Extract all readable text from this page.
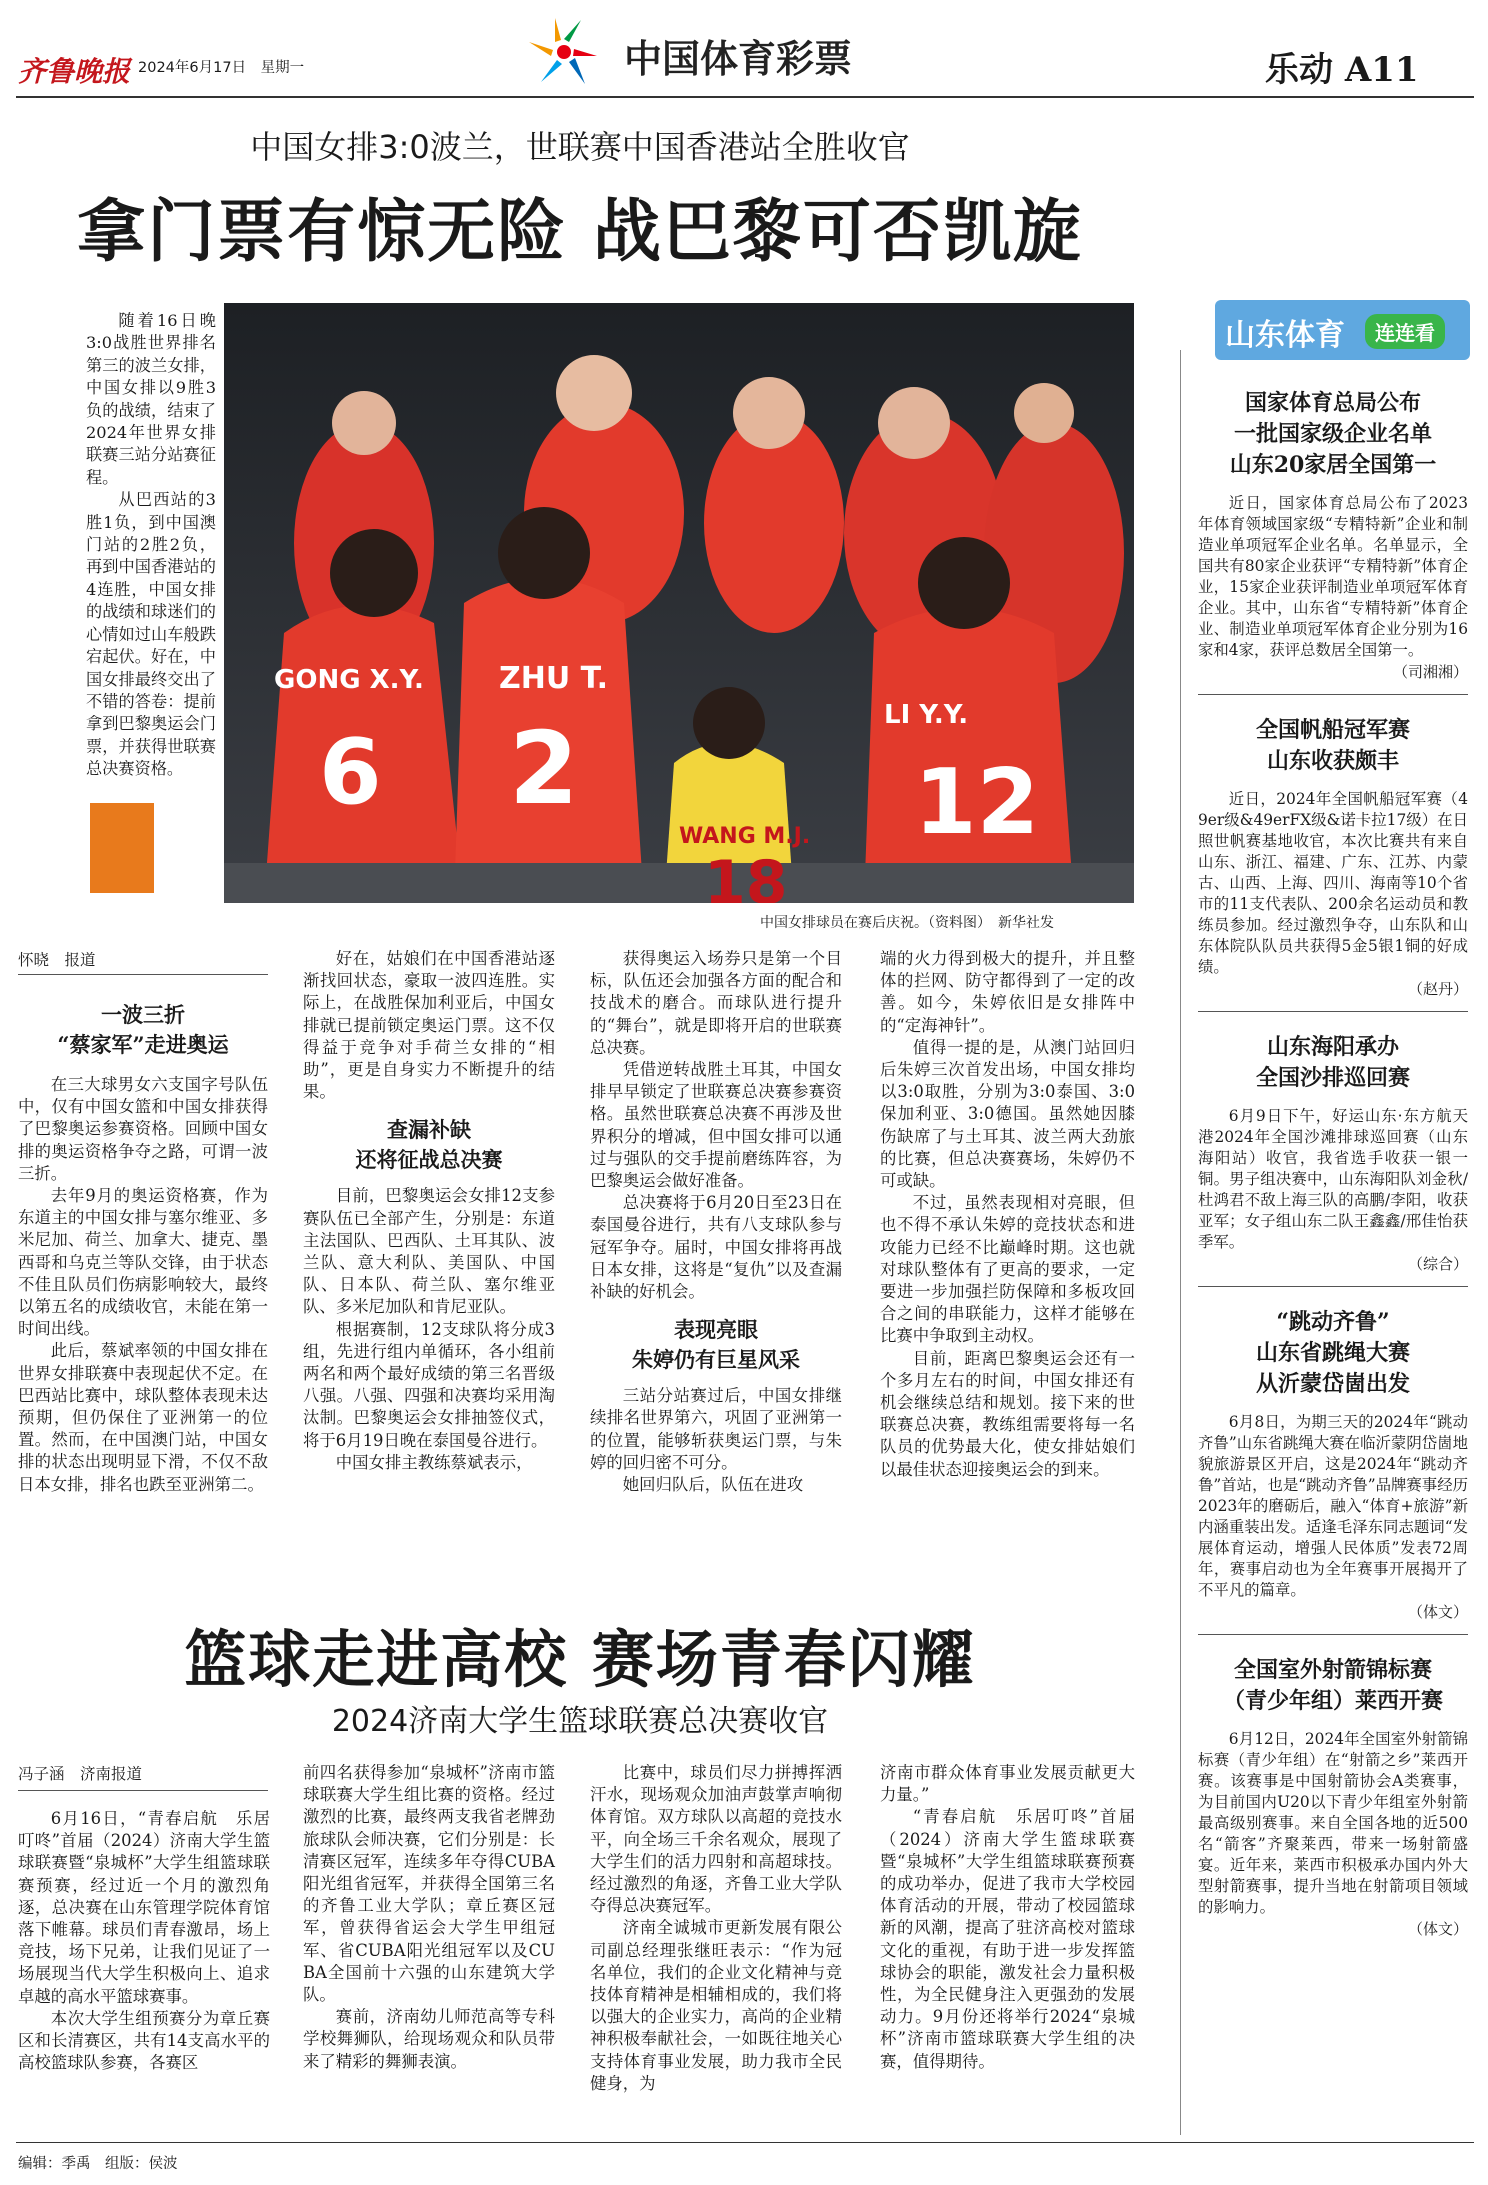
齐鲁晚报 2024年6月17日　星期一	中国体育彩票	乐动 A11
中国女排3:0波兰，世联赛中国香港站全胜收官
拿门票有惊无险 战巴黎可否凯旋

随着16日晚3:0战胜世界排名第三的波兰女排，中国女排以9胜3负的战绩，结束了2024年世界女排联赛三站分站赛征程。

从巴西站的3胜1负，到中国澳门站的2胜2负，再到中国香港站的4连胜，中国女排的战绩和球迷们的心情如过山车般跌宕起伏。好在，中国女排最终交出了不错的答卷：提前拿到巴黎奥运会门票，并获得世联赛总决赛资格。

GONG X.Y.
6
ZHU T.
2	LI Y.Y.
12
WANG M.J.
18
中国女排球员在赛后庆祝。（资料图）　新华社发
怀晓　报道
一波三折
“蔡家军”走进奥运

在三大球男女六支国字号队伍中，仅有中国女篮和中国女排获得了巴黎奥运参赛资格。回顾中国女排的奥运资格争夺之路，可谓一波三折。

去年9月的奥运资格赛，作为东道主的中国女排与塞尔维亚、多米尼加、荷兰、加拿大、捷克、墨西哥和乌克兰等队交锋，由于状态不佳且队员们伤病影响较大，最终以第五名的成绩收官，未能在第一时间出线。

此后，蔡斌率领的中国女排在世界女排联赛中表现起伏不定。在巴西站比赛中，球队整体表现未达预期，但仍保住了亚洲第一的位置。然而，在中国澳门站，中国女排的状态出现明显下滑，不仅不敌日本女排，排名也跌至亚洲第二。

好在，姑娘们在中国香港站逐渐找回状态，豪取一波四连胜。实际上，在战胜保加利亚后，中国女排就已提前锁定奥运门票。这不仅得益于竞争对手荷兰女排的“相助”，更是自身实力不断提升的结果。

查漏补缺
还将征战总决赛

目前，巴黎奥运会女排12支参赛队伍已全部产生，分别是：东道主法国队、巴西队、土耳其队、波兰队、意大利队、美国队、中国队、日本队、荷兰队、塞尔维亚队、多米尼加队和肯尼亚队。

根据赛制，12支球队将分成3组，先进行组内单循环，各小组前两名和两个最好成绩的第三名晋级八强。八强、四强和决赛均采用淘汰制。巴黎奥运会女排抽签仪式，将于6月19日晚在泰国曼谷进行。

中国女排主教练蔡斌表示，

获得奥运入场券只是第一个目标，队伍还会加强各方面的配合和技战术的磨合。而球队进行提升的“舞台”，就是即将开启的世联赛总决赛。

凭借逆转战胜土耳其，中国女排早早锁定了世联赛总决赛参赛资格。虽然世联赛总决赛不再涉及世界积分的增减，但中国女排可以通过与强队的交手提前磨练阵容，为巴黎奥运会做好准备。

总决赛将于6月20日至23日在泰国曼谷进行，共有八支球队参与冠军争夺。届时，中国女排将再战日本女排，这将是“复仇”以及查漏补缺的好机会。

表现亮眼
朱婷仍有巨星风采

三站分站赛过后，中国女排继续排名世界第六，巩固了亚洲第一的位置，能够斩获奥运门票，与朱婷的回归密不可分。

她回归队后，队伍在进攻

端的火力得到极大的提升，并且整体的拦网、防守都得到了一定的改善。如今，朱婷依旧是女排阵中的“定海神针”。

值得一提的是，从澳门站回归后朱婷三次首发出场，中国女排均以3:0取胜，分别为3:0泰国、3:0保加利亚、3:0德国。虽然她因膝伤缺席了与土耳其、波兰两大劲旅的比赛，但总决赛赛场，朱婷仍不可或缺。

不过，虽然表现相对亮眼，但也不得不承认朱婷的竞技状态和进攻能力已经不比巅峰时期。这也就对球队整体有了更高的要求，一定要进一步加强拦防保障和多板攻回合之间的串联能力，这样才能够在比赛中争取到主动权。

目前，距离巴黎奥运会还有一个多月左右的时间，中国女排还有机会继续总结和规划。接下来的世联赛总决赛，教练组需要将每一名队员的优势最大化，使女排姑娘们以最佳状态迎接奥运会的到来。

篮球走进高校 赛场青春闪耀
2024济南大学生篮球联赛总决赛收官
冯子涵　济南报道

6月16日，“青春启航　乐居叮咚”首届（2024）济南大学生篮球联赛暨“泉城杯”大学生组篮球联赛预赛，经过近一个月的激烈角逐，总决赛在山东管理学院体育馆落下帷幕。球员们青春激昂，场上竞技，场下兄弟，让我们见证了一场展现当代大学生积极向上、追求卓越的高水平篮球赛事。

本次大学生组预赛分为章丘赛区和长清赛区，共有14支高水平的高校篮球队参赛，各赛区

前四名获得参加“泉城杯”济南市篮球联赛大学生组比赛的资格。经过激烈的比赛，最终两支我省老牌劲旅球队会师决赛，它们分别是：长清赛区冠军，连续多年夺得CUBA阳光组省冠军，并获得全国第三名的齐鲁工业大学队；章丘赛区冠军，曾获得省运会大学生甲组冠军、省CUBA阳光组冠军以及CUBA全国前十六强的山东建筑大学队。

赛前，济南幼儿师范高等专科学校舞狮队，给现场观众和队员带来了精彩的舞狮表演。

比赛中，球员们尽力拼搏挥洒汗水，现场观众加油声鼓掌声响彻体育馆。双方球队以高超的竞技水平，向全场三千余名观众，展现了大学生们的活力四射和高超球技。经过激烈的角逐，齐鲁工业大学队夺得总决赛冠军。

济南全诚城市更新发展有限公司副总经理张继旺表示：“作为冠名单位，我们的企业文化精神与竞技体育精神是相辅相成的，我们将以强大的企业实力，高尚的企业精神积极奉献社会，一如既往地关心支持体育事业发展，助力我市全民健身，为

济南市群众体育事业发展贡献更大力量。”

“青春启航　乐居叮咚”首届（2024）济南大学生篮球联赛暨“泉城杯”大学生组篮球联赛预赛的成功举办，促进了我市大学校园体育活动的开展，带动了校园篮球新的风潮，提高了驻济高校对篮球文化的重视，有助于进一步发挥篮球协会的职能，激发社会力量积极性，为全民健身注入更强劲的发展动力。9月份还将举行2024“泉城杯”济南市篮球联赛大学生组的决赛，值得期待。

山东体育	连连看
国家体育总局公布
一批国家级企业名单
山东20家居全国第一

近日，国家体育总局公布了2023年体育领域国家级“专精特新”企业和制造业单项冠军企业名单。名单显示，全国共有80家企业获评“专精特新”体育企业，15家企业获评制造业单项冠军体育企业。其中，山东省“专精特新”体育企业、制造业单项冠军体育企业分别为16家和4家，获评总数居全国第一。

（司湘湘）
全国帆船冠军赛
山东收获颇丰

近日，2024年全国帆船冠军赛（49er级&49erFX级&诺卡拉17级）在日照世帆赛基地收官，本次比赛共有来自山东、浙江、福建、广东、江苏、内蒙古、山西、上海、四川、海南等10个省市的11支代表队、200余名运动员和教练员参加。经过激烈争夺，山东队和山东体院队队员共获得5金5银1铜的好成绩。

（赵丹）
山东海阳承办
全国沙排巡回赛

6月9日下午，好运山东·东方航天港2024年全国沙滩排球巡回赛（山东海阳站）收官，我省选手收获一银一铜。男子组决赛中，山东海阳队刘金秋/杜鸿君不敌上海三队的高鹏/李阳，收获亚军；女子组山东二队王鑫鑫/邢佳怡获季军。

（综合）
“跳动齐鲁”
山东省跳绳大赛
从沂蒙岱崮出发

6月8日，为期三天的2024年“跳动齐鲁”山东省跳绳大赛在临沂蒙阴岱崮地貌旅游景区开启，这是2024年“跳动齐鲁”首站，也是“跳动齐鲁”品牌赛事经历2023年的磨砺后，融入“体育+旅游”新内涵重装出发。适逢毛泽东同志题词“发展体育运动，增强人民体质”发表72周年，赛事启动也为全年赛事开展揭开了不平凡的篇章。

（体文）
全国室外射箭锦标赛
（青少年组）莱西开赛

6月12日，2024年全国室外射箭锦标赛（青少年组）在“射箭之乡”莱西开赛。该赛事是中国射箭协会A类赛事，为目前国内U20以下青少年组室外射箭最高级别赛事。来自全国各地的近500名“箭客”齐聚莱西，带来一场射箭盛宴。近年来，莱西市积极承办国内外大型射箭赛事，提升当地在射箭项目领域的影响力。

（体文）
编辑：季禹　组版：侯波
